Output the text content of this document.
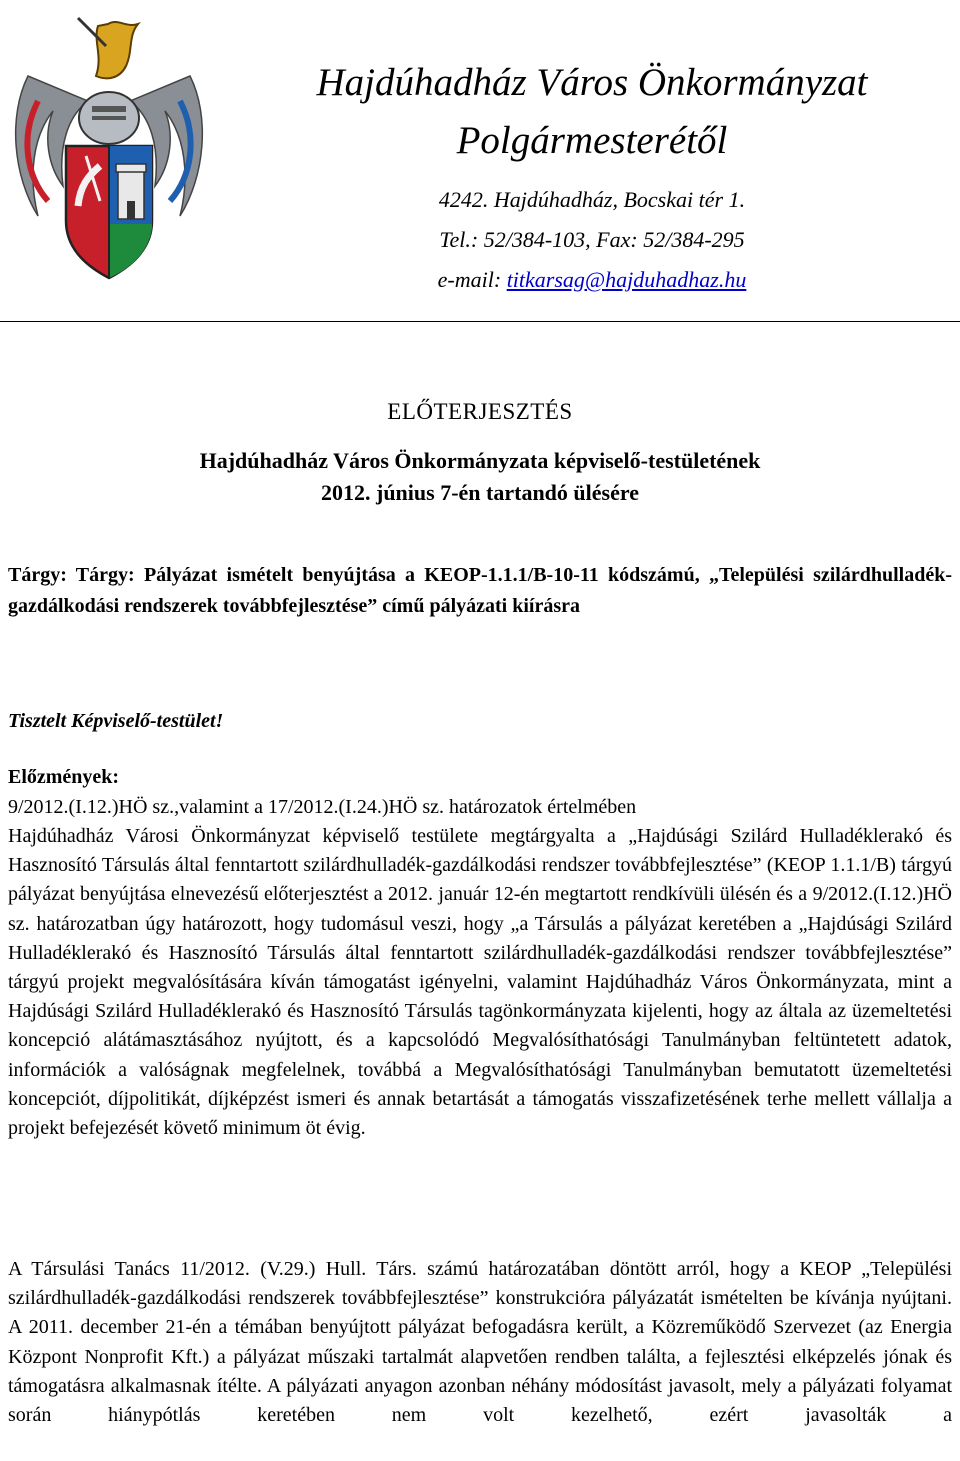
Hajdúhadház Város Önkormányzat
Polgármesterétől
4242. Hajdúhadház, Bocskai tér 1.
Tel.: 52/384-103, Fax: 52/384-295
e-mail: titkarsag@hajduhadhaz.hu
ELŐTERJESZTÉS
Hajdúhadház Város Önkormányzata képviselő-testületének
2012. június 7-én tartandó ülésére
Tárgy: Tárgy: Pályázat ismételt benyújtása a KEOP-1.1.1/B-10-11 kódszámú, „Települési szilárdhulladék-gazdálkodási rendszerek továbbfejlesztése” című pályázati kiírásra
Tisztelt Képviselő-testület!
Előzmények:

9/2012.(I.12.)HÖ sz.,valamint a 17/2012.(I.24.)HÖ sz. határozatok értelmében

Hajdúhadház Városi Önkormányzat képviselő testülete megtárgyalta a „Hajdúsági Szilárd Hulladéklerakó és Hasznosító Társulás által fenntartott szilárdhulladék-gazdálkodási rendszer továbbfejlesztése” (KEOP 1.1.1/B) tárgyú pályázat benyújtása elnevezésű előterjesztést a 2012. január 12-én megtartott rendkívüli ülésén és a 9/2012.(I.12.)HÖ sz. határozatban úgy határozott, hogy tudomásul veszi, hogy „a Társulás a pályázat keretében a „Hajdúsági Szilárd Hulladéklerakó és Hasznosító Társulás által fenntartott szilárdhulladék-gazdálkodási rendszer továbbfejlesztése” tárgyú projekt megvalósítására kíván támogatást igényelni, valamint Hajdúhadház Város Önkormányzata, mint a Hajdúsági Szilárd Hulladéklerakó és Hasznosító Társulás tagönkormányzata kijelenti, hogy az általa az üzemeltetési koncepció alátámasztásához nyújtott, és a kapcsolódó Megvalósíthatósági Tanulmányban feltüntetett adatok, információk a valóságnak megfelelnek, továbbá a Megvalósíthatósági Tanulmányban bemutatott üzemeltetési koncepciót, díjpolitikát, díjképzést ismeri és annak betartását a támogatás visszafizetésének terhe mellett vállalja a projekt befejezését követő minimum öt évig.

A Társulási Tanács 11/2012. (V.29.) Hull. Társ. számú határozatában döntött arról, hogy a KEOP „Települési szilárdhulladék-gazdálkodási rendszerek továbbfejlesztése” konstrukcióra pályázatát ismételten be kívánja nyújtani. A 2011. december 21-én a témában benyújtott pályázat befogadásra került, a Közreműködő Szervezet (az Energia Központ Nonprofit Kft.) a pályázat műszaki tartalmát alapvetően rendben találta, a fejlesztési elképzelés jónak és támogatásra alkalmasnak ítélte. A pályázati anyagon azonban néhány módosítást javasolt, mely a pályázati folyamat során hiánypótlás keretében nem volt kezelhető, ezért javasolták a
